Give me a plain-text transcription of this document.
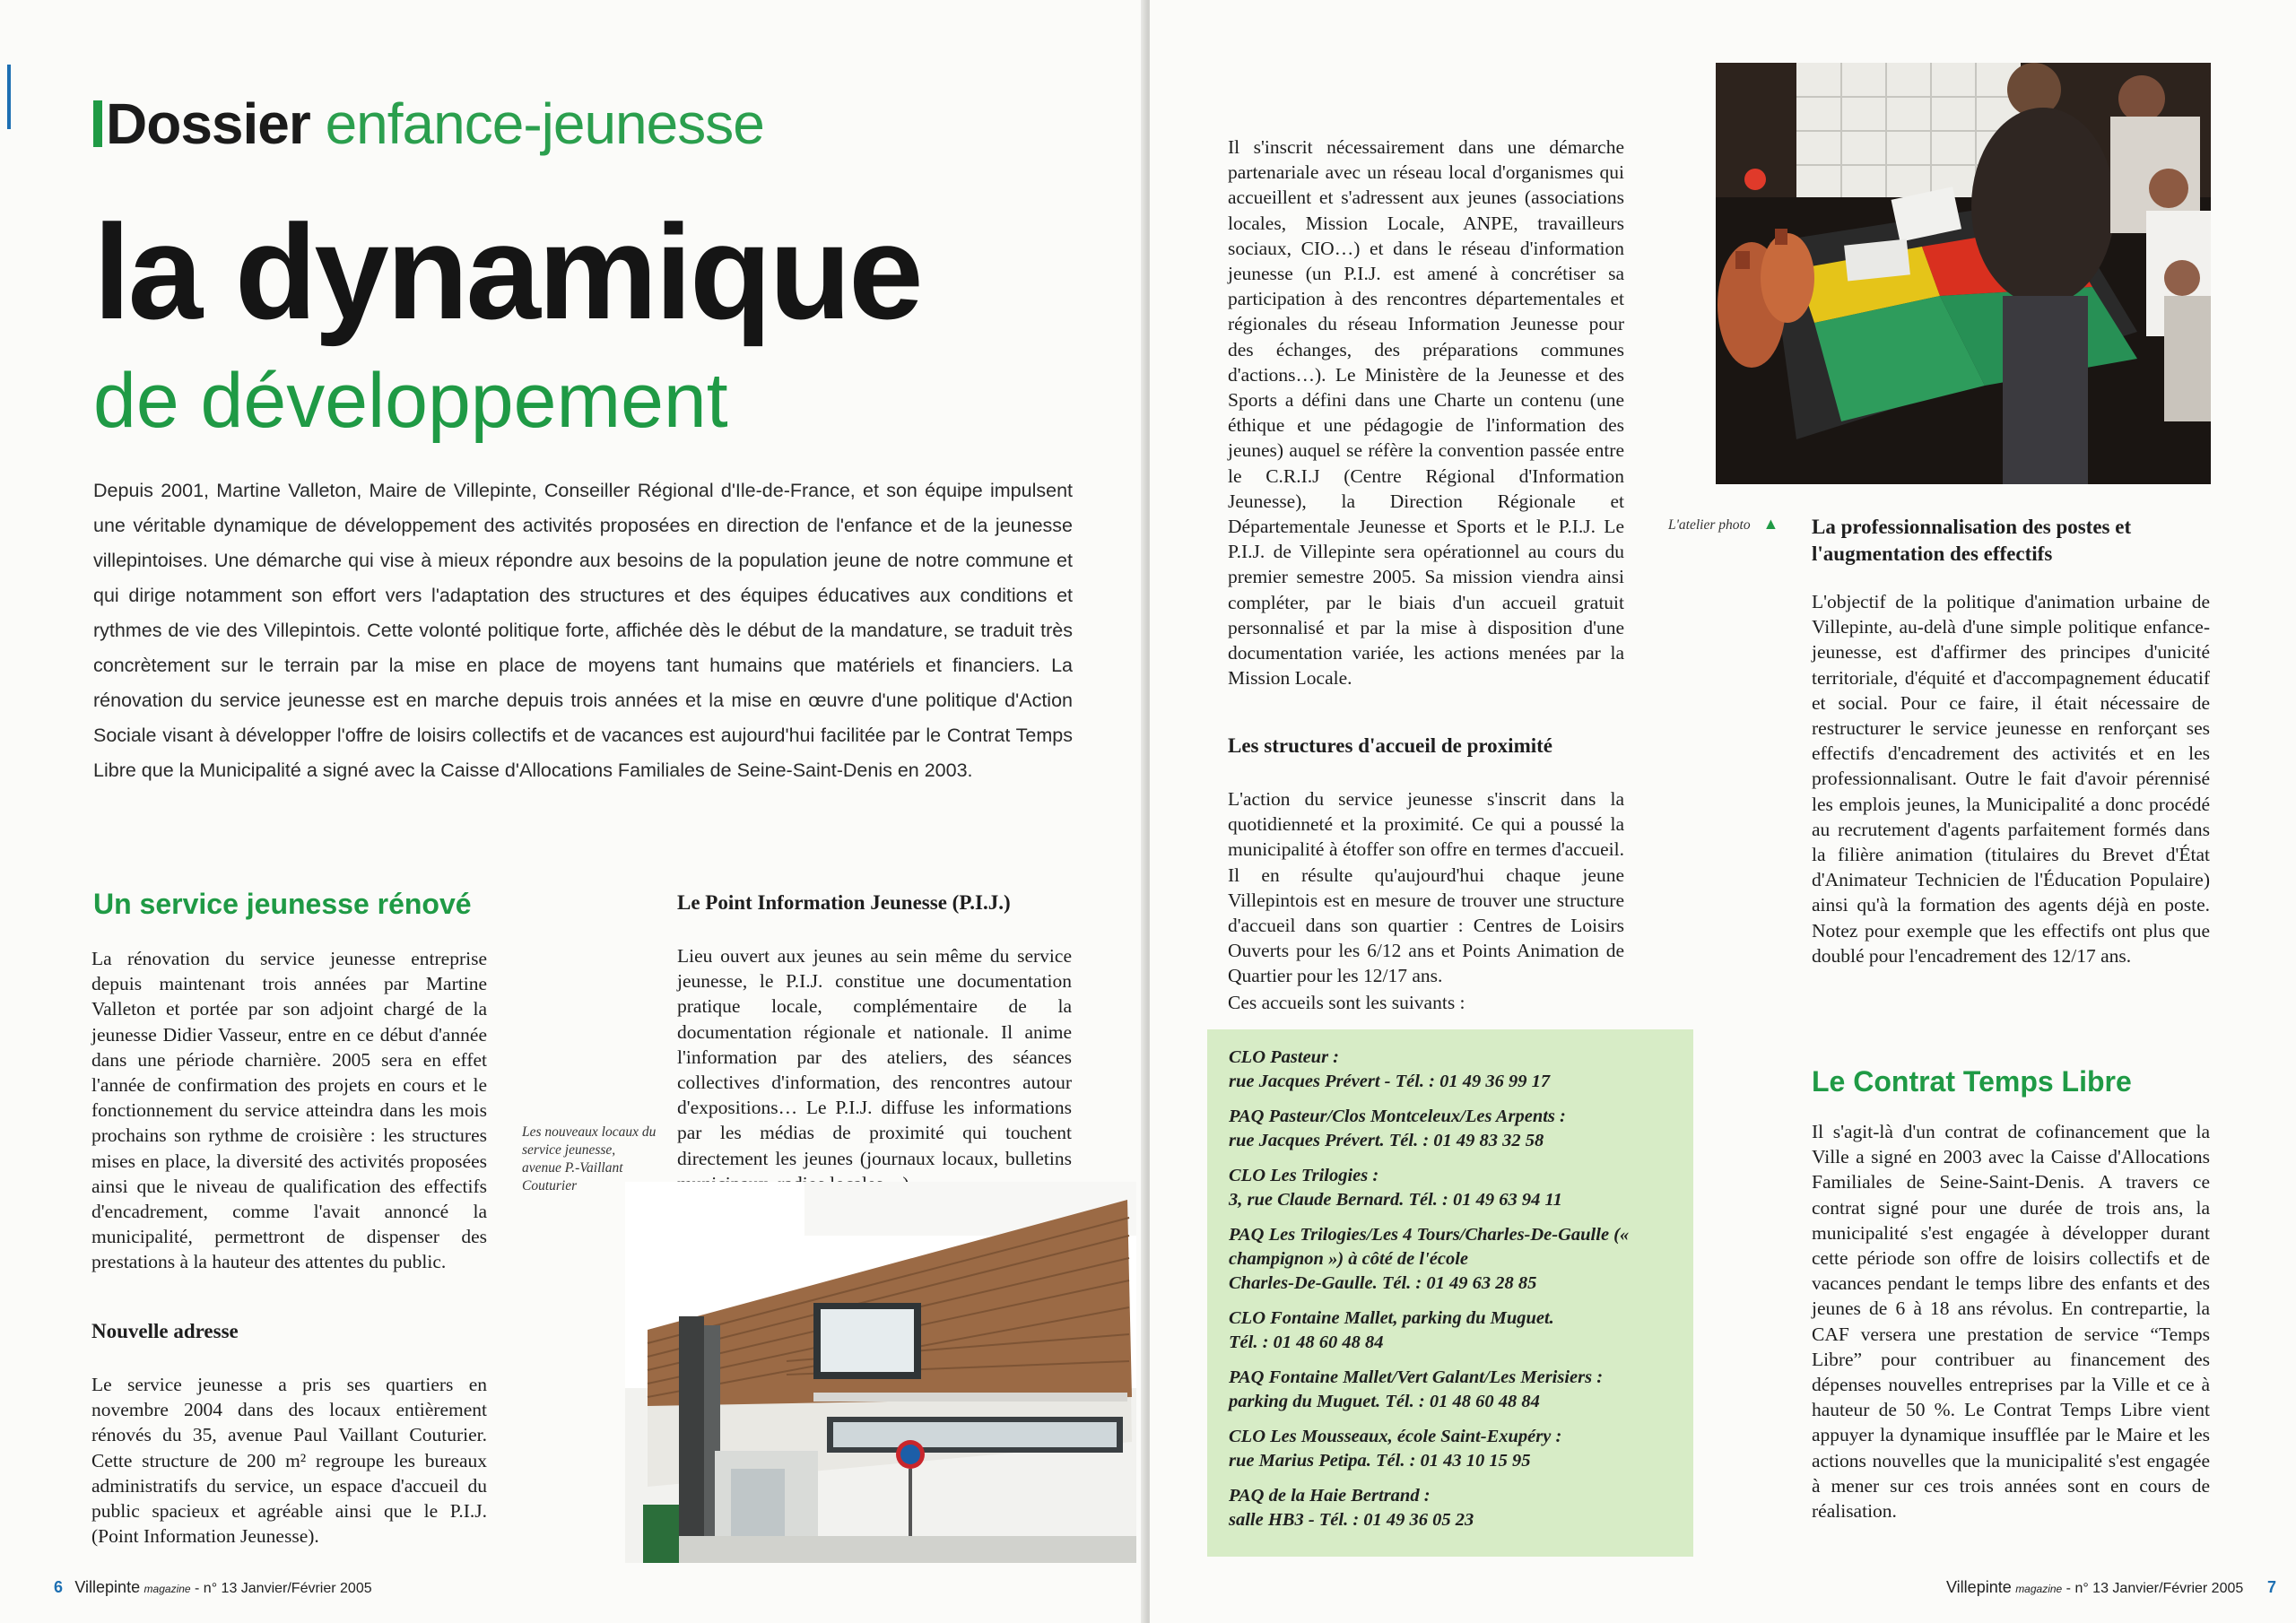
Dossier enfance-jeunesse
la dynamique
de développement
Depuis 2001, Martine Valleton, Maire de Villepinte, Conseiller Régional d'Ile-de-France, et son équipe impulsent une véritable dynamique de développement des activités proposées en direction de l'enfance et de la jeunesse villepintoises. Une démarche qui vise à mieux répondre aux besoins de la population jeune de notre commune et qui dirige notamment son effort vers l'adaptation des structures et des équipes éducatives aux conditions et rythmes de vie des Villepintois. Cette volonté politique forte, affichée dès le début de la mandature, se traduit très concrètement sur le terrain par la mise en place de moyens tant humains que matériels et financiers. La rénovation du service jeunesse est en marche depuis trois années et la mise en œuvre d'une politique d'Action Sociale visant à développer l'offre de loisirs collectifs et de vacances est aujourd'hui facilitée par le Contrat Temps Libre que la Municipalité a signé avec la Caisse d'Allocations Familiales de Seine-Saint-Denis en 2003.
Un service jeunesse rénové

La rénovation du service jeunesse entreprise depuis maintenant trois années par Martine Valleton et portée par son adjoint chargé de la jeunesse Didier Vasseur, entre en ce début d'année dans une période charnière. 2005 sera en effet l'année de confirmation des projets en cours et le fonctionnement du service atteindra dans les mois prochains son rythme de croisière : les structures mises en place, la diversité des activités proposées ainsi que le niveau de qualification des effectifs d'encadrement, comme l'avait annoncé la municipalité, permettront de dispenser des prestations à la hauteur des attentes du public.

Nouvelle adresse

Le service jeunesse a pris ses quartiers en novembre 2004 dans des locaux entièrement rénovés du 35, avenue Paul Vaillant Couturier. Cette structure de 200 m² regroupe les bureaux administratifs du service, un espace d'accueil du public spacieux et agréable ainsi que le P.I.J. (Point Information Jeunesse).

Le Point Information Jeunesse (P.I.J.)

Lieu ouvert aux jeunes au sein même du service jeunesse, le P.I.J. constitue une documentation pratique locale, complémentaire de la documentation régionale et nationale. Il anime l'information par des ateliers, des séances collectives d'information, des rencontres autour d'expositions… Le P.I.J. diffuse les informations par les médias de proximité qui touchent directement les jeunes (journaux locaux, bulletins

Les nouveaux locaux du service jeunesse, avenue P.-Vaillant Couturier
6 Villepinte magazine - n° 13 Janvier/Février 2005

Il s'inscrit nécessairement dans une démarche partenariale avec un réseau local d'organismes qui accueillent et s'adressent aux jeunes (associations locales, Mission Locale, ANPE, travailleurs sociaux, CIO…) et dans le réseau d'information jeunesse (un P.I.J. est amené à concrétiser sa participation à des rencontres départementales et régionales du réseau Information Jeunesse pour des échanges, des préparations communes d'actions…). Le Ministère de la Jeunesse et des Sports a défini dans une Charte un contenu (une éthique et une pédagogie de l'information des jeunes) auquel se réfère la convention passée entre le C.R.I.J (Centre Régional d'Information Jeunesse), la Direction Régionale et Départementale Jeunesse et Sports et le P.I.J. Le P.I.J. de Villepinte sera opérationnel au cours du premier semestre 2005. Sa mission viendra ainsi compléter, par le biais d'un accueil gratuit personnalisé et par la mise à disposition d'une documentation variée, les actions menées par la Mission Locale.

Les structures d'accueil de proximité

L'action du service jeunesse s'inscrit dans la quotidienneté et la proximité. Ce qui a poussé la municipalité à étoffer son offre en termes d'accueil. Il en résulte qu'aujourd'hui chaque jeune Villepintois est en mesure de trouver une structure d'accueil dans son quartier : Centres de Loisirs Ouverts pour les 6/12 ans et Points Animation de Quartier pour les 12/17 ans.

Ces accueils sont les suivants :

CLO Pasteur :
rue Jacques Prévert - Tél. : 01 49 36 99 17
PAQ Pasteur/Clos Montceleux/Les Arpents :
rue Jacques Prévert. Tél. : 01 49 83 32 58
CLO Les Trilogies :
3, rue Claude Bernard. Tél. : 01 49 63 94 11
PAQ Les Trilogies/Les 4 Tours/Charles-De-Gaulle (« champignon ») à côté de l'école
Charles-De-Gaulle. Tél. : 01 49 63 28 85
CLO Fontaine Mallet, parking du Muguet.
Tél. : 01 48 60 48 84
PAQ Fontaine Mallet/Vert Galant/Les Merisiers :
parking du Muguet. Tél. : 01 48 60 48 84
CLO Les Mousseaux, école Saint-Exupéry :
rue Marius Petipa. Tél. : 01 43 10 15 95
PAQ de la Haie Bertrand :
salle HB3 - Tél. : 01 49 36 05 23
L'atelier photo ▲ La professionnalisation des postes et l'augmentation des effectifs

L'objectif de la politique d'animation urbaine de Villepinte, au-delà d'une simple politique enfance-jeunesse, est d'affirmer des principes d'unicité territoriale, d'équité et d'accompagnement éducatif et social. Pour ce faire, il était nécessaire de restructurer le service jeunesse en renforçant ses effectifs d'encadrement des activités et en les professionnalisant. Outre le fait d'avoir pérennisé les emplois jeunes, la Municipalité a donc procédé au recrutement d'agents parfaitement formés dans la filière animation (titulaires du Brevet d'État d'Animateur Technicien de l'Éducation Populaire) ainsi qu'à la formation des agents déjà en poste. Notez pour exemple que les effectifs ont plus que doublé pour l'encadrement des 12/17 ans.

Le Contrat Temps Libre

Il s'agit-là d'un contrat de cofinancement que la Ville a signé en 2003 avec la Caisse d'Allocations Familiales de Seine-Saint-Denis. A travers ce contrat signé pour une durée de trois ans, la municipalité s'est engagée à développer durant cette période son offre de loisirs collectifs et de vacances pendant le temps libre des enfants et des jeunes de 6 à 18 ans révolus. En contrepartie, la CAF versera une prestation de service “Temps Libre” pour contribuer au financement des dépenses nouvelles entreprises par la Ville et ce à hauteur de 50 %. Le Contrat Temps Libre vient appuyer la dynamique insufflée par le Maire et les actions nouvelles que la municipalité s'est engagée à mener sur ces trois années sont en cours de réalisation.

Villepinte magazine - n° 13 Janvier/Février 2005 7
